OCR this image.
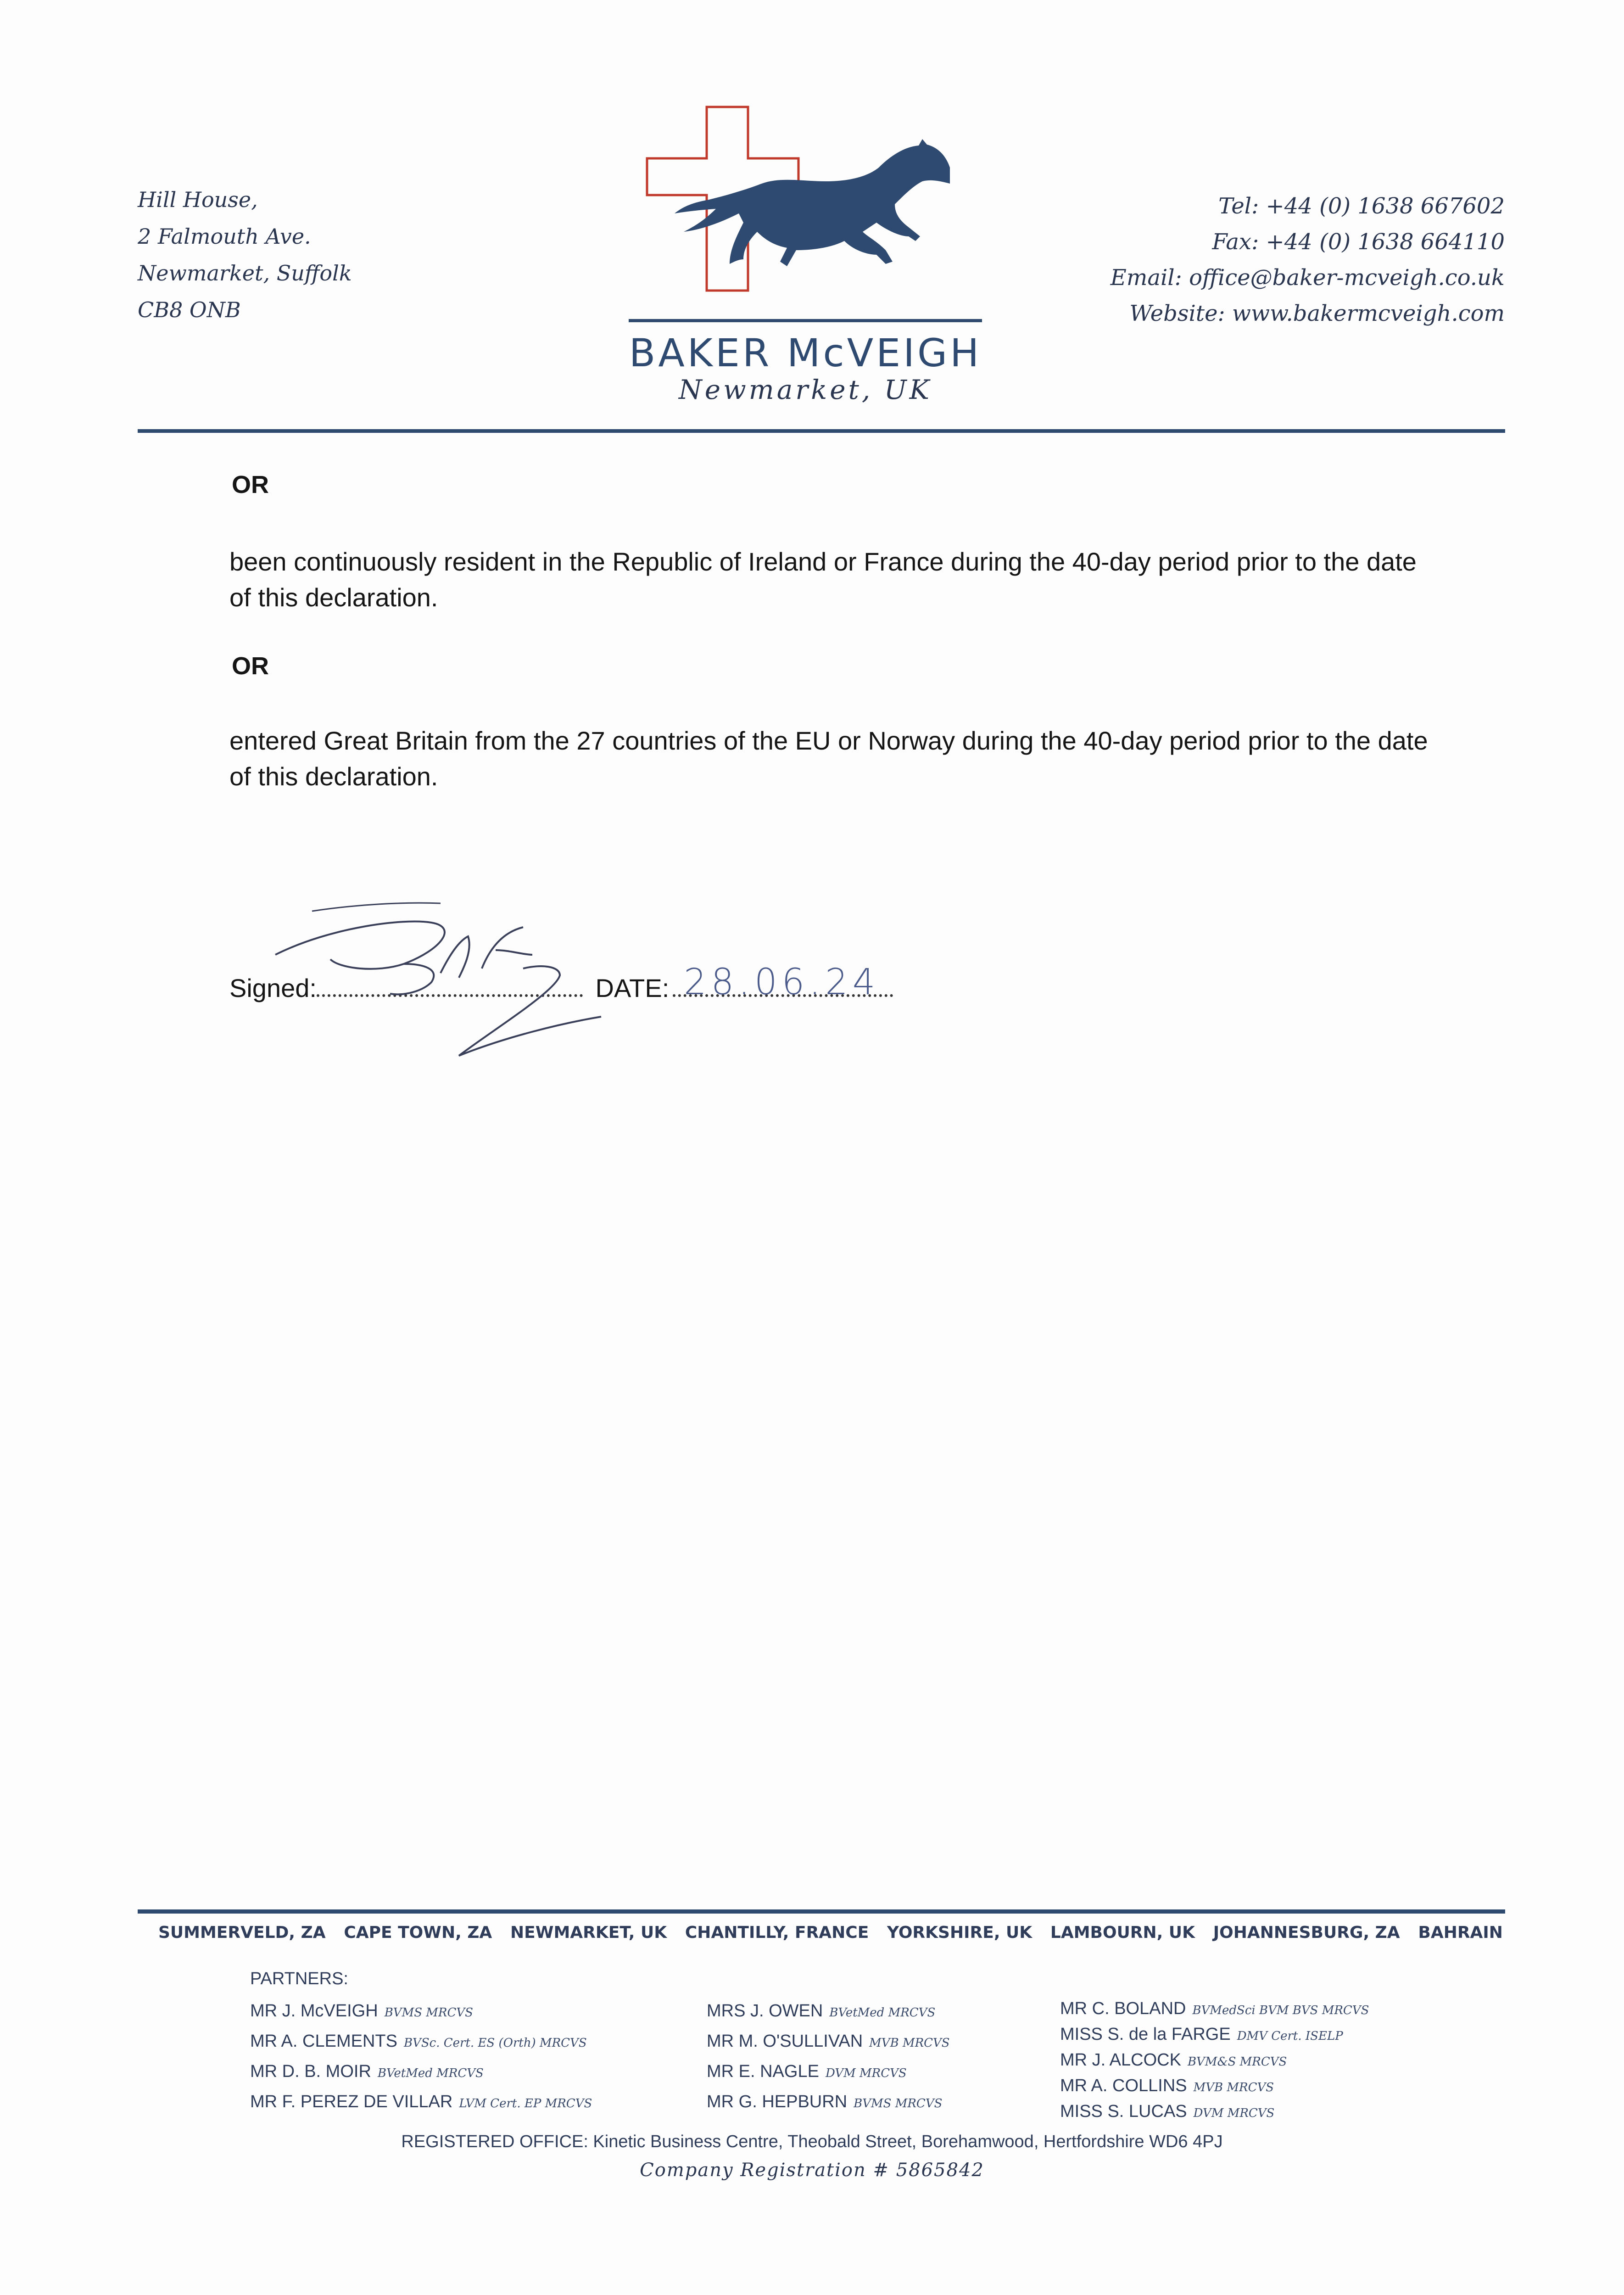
Hill House,
2 Falmouth Ave.
Newmarket, Suffolk
CB8 ONB
BAKER McVEIGH
Newmarket, UK
Tel: +44 (0) 1638 667602
Fax: +44 (0) 1638 664110
Email: office@baker-mcveigh.co.uk
Website: www.bakermcveigh.com
OR
been continuously resident in the Republic of Ireland or France during the 40-day period prior to the date of this declaration.
OR
entered Great Britain from the 27 countries of the EU or Norway during the 40-day period prior to the date of this declaration.
Signed:	DATE: 28.06.24
SUMMERVELD, ZA CAPE TOWN, ZA NEWMARKET, UK CHANTILLY, FRANCE YORKSHIRE, UK LAMBOURN, UK JOHANNESBURG, ZA BAHRAIN
PARTNERS:
MR J. McVEIGH BVMS MRCVS
MR A. CLEMENTS BVSc. Cert. ES (Orth) MRCVS
MR D. B. MOIR BVetMed MRCVS
MR F. PEREZ DE VILLAR LVM Cert. EP MRCVS
MRS J. OWEN BVetMed MRCVS
MR M. O'SULLIVAN MVB MRCVS
MR E. NAGLE DVM MRCVS
MR G. HEPBURN BVMS MRCVS
MR C. BOLAND BVMedSci BVM BVS MRCVS
MISS S. de la FARGE DMV Cert. ISELP
MR J. ALCOCK BVM&S MRCVS
MR A. COLLINS MVB MRCVS
MISS S. LUCAS DVM MRCVS
REGISTERED OFFICE: Kinetic Business Centre, Theobald Street, Borehamwood, Hertfordshire WD6 4PJ
Company Registration # 5865842
